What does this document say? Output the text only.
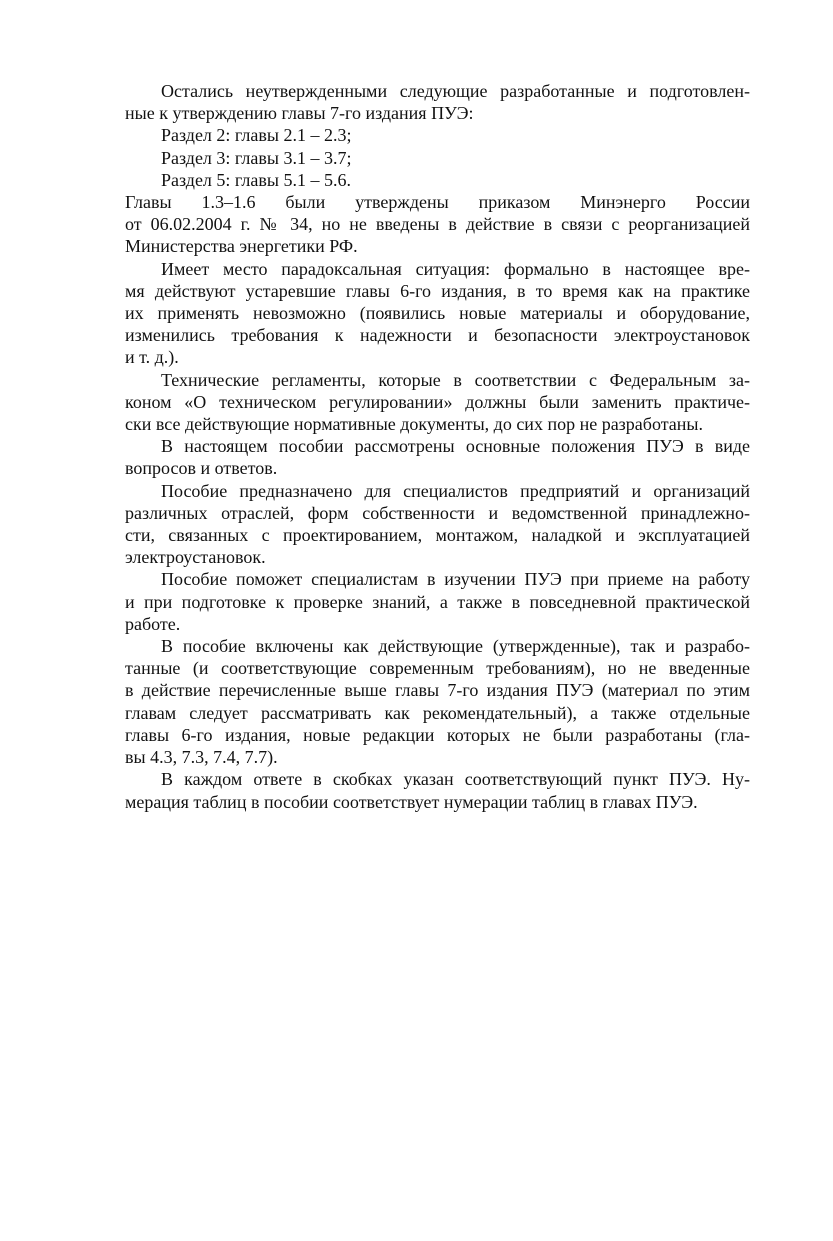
Остались неутвержденными следующие разработанные и подготовлен-
ные к утверждению главы 7-го издания ПУЭ:
Раздел 2: главы 2.1 – 2.3;
Раздел 3: главы 3.1 – 3.7;
Раздел 5: главы 5.1 – 5.6.
Главы 1.3–1.6 были утверждены приказом Минэнерго России
от 06.02.2004 г. № 34, но не введены в действие в связи с реорганизацией
Министерства энергетики РФ.
Имеет место парадоксальная ситуация: формально в настоящее вре-
мя действуют устаревшие главы 6-го издания, в то время как на практике
их применять невозможно (появились новые материалы и оборудование,
изменились требования к надежности и безопасности электроустановок
и т. д.).
Технические регламенты, которые в соответствии с Федеральным за-
коном «О техническом регулировании» должны были заменить практиче-
ски все действующие нормативные документы, до сих пор не разработаны.
В настоящем пособии рассмотрены основные положения ПУЭ в виде
вопросов и ответов.
Пособие предназначено для специалистов предприятий и организаций
различных отраслей, форм собственности и ведомственной принадлежно-
сти, связанных с проектированием, монтажом, наладкой и эксплуатацией
электроустановок.
Пособие поможет специалистам в изучении ПУЭ при приеме на работу
и при подготовке к проверке знаний, а также в повседневной практической
работе.
В пособие включены как действующие (утвержденные), так и разрабо-
танные (и соответствующие современным требованиям), но не введенные
в действие перечисленные выше главы 7-го издания ПУЭ (материал по этим
главам следует рассматривать как рекомендательный), а также отдельные
главы 6-го издания, новые редакции которых не были разработаны (гла-
вы 4.3, 7.3, 7.4, 7.7).
В каждом ответе в скобках указан соответствующий пункт ПУЭ. Ну-
мерация таблиц в пособии соответствует нумерации таблиц в главах ПУЭ.
